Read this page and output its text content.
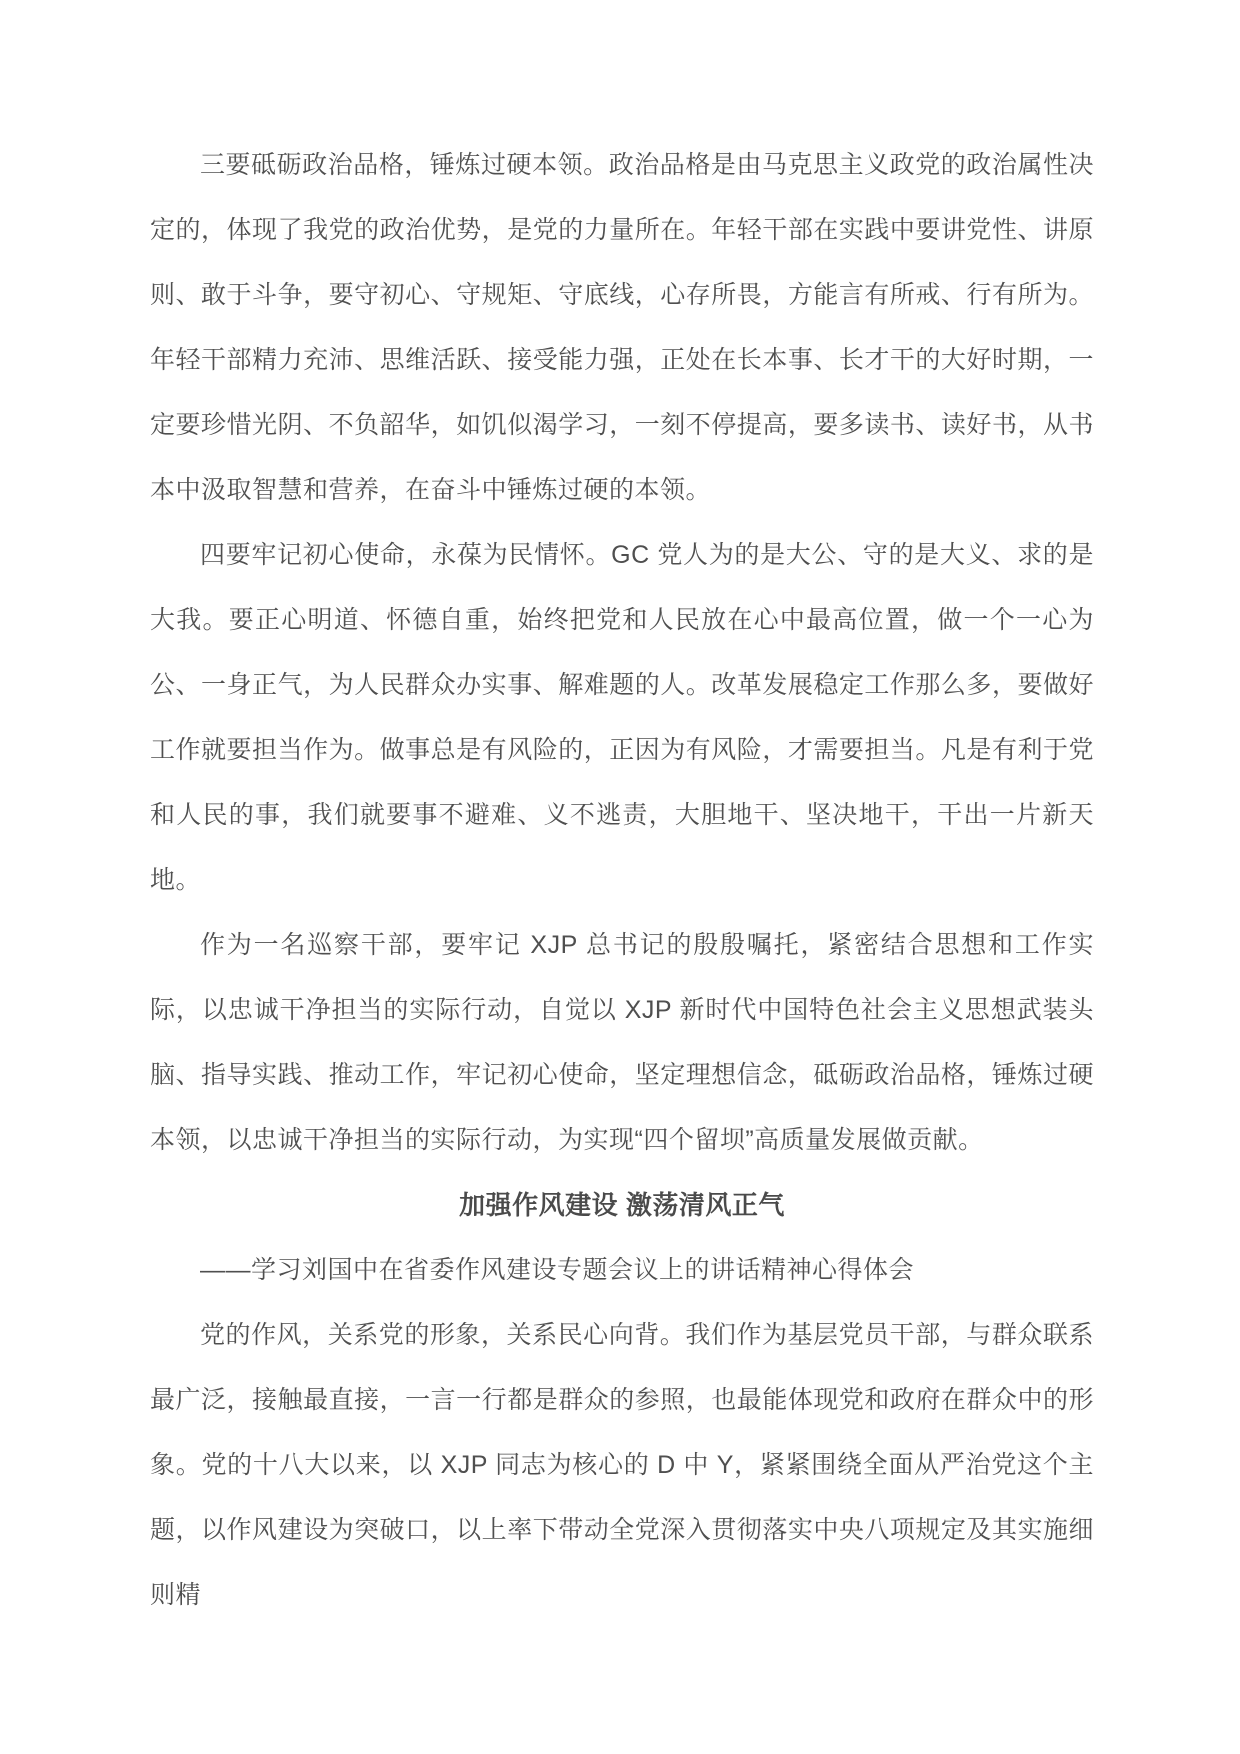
三要砥砺政治品格，锤炼过硬本领。政治品格是由马克思主义政党的政治属性决定的，体现了我党的政治优势，是党的力量所在。年轻干部在实践中要讲党性、讲原则、敢于斗争，要守初心、守规矩、守底线，心存所畏，方能言有所戒、行有所为。年轻干部精力充沛、思维活跃、接受能力强，正处在长本事、长才干的大好时期，一定要珍惜光阴、不负韶华，如饥似渴学习，一刻不停提高，要多读书、读好书，从书本中汲取智慧和营养，在奋斗中锤炼过硬的本领。

四要牢记初心使命，永葆为民情怀。GC 党人为的是大公、守的是大义、求的是大我。要正心明道、怀德自重，始终把党和人民放在心中最高位置，做一个一心为公、一身正气，为人民群众办实事、解难题的人。改革发展稳定工作那么多，要做好工作就要担当作为。做事总是有风险的，正因为有风险，才需要担当。凡是有利于党和人民的事，我们就要事不避难、义不逃责，大胆地干、坚决地干，干出一片新天地。

作为一名巡察干部，要牢记 XJP 总书记的殷殷嘱托，紧密结合思想和工作实际，以忠诚干净担当的实际行动，自觉以 XJP 新时代中国特色社会主义思想武装头脑、指导实践、推动工作，牢记初心使命，坚定理想信念，砥砺政治品格，锤炼过硬本领，以忠诚干净担当的实际行动，为实现“四个留坝”高质量发展做贡献。

加强作风建设 激荡清风正气

——学习刘国中在省委作风建设专题会议上的讲话精神心得体会

党的作风，关系党的形象，关系民心向背。我们作为基层党员干部，与群众联系最广泛，接触最直接，一言一行都是群众的参照，也最能体现党和政府在群众中的形象。党的十八大以来，以 XJP 同志为核心的 D 中 Y，紧紧围绕全面从严治党这个主题，以作风建设为突破口，以上率下带动全党深入贯彻落实中央八项规定及其实施细则精
